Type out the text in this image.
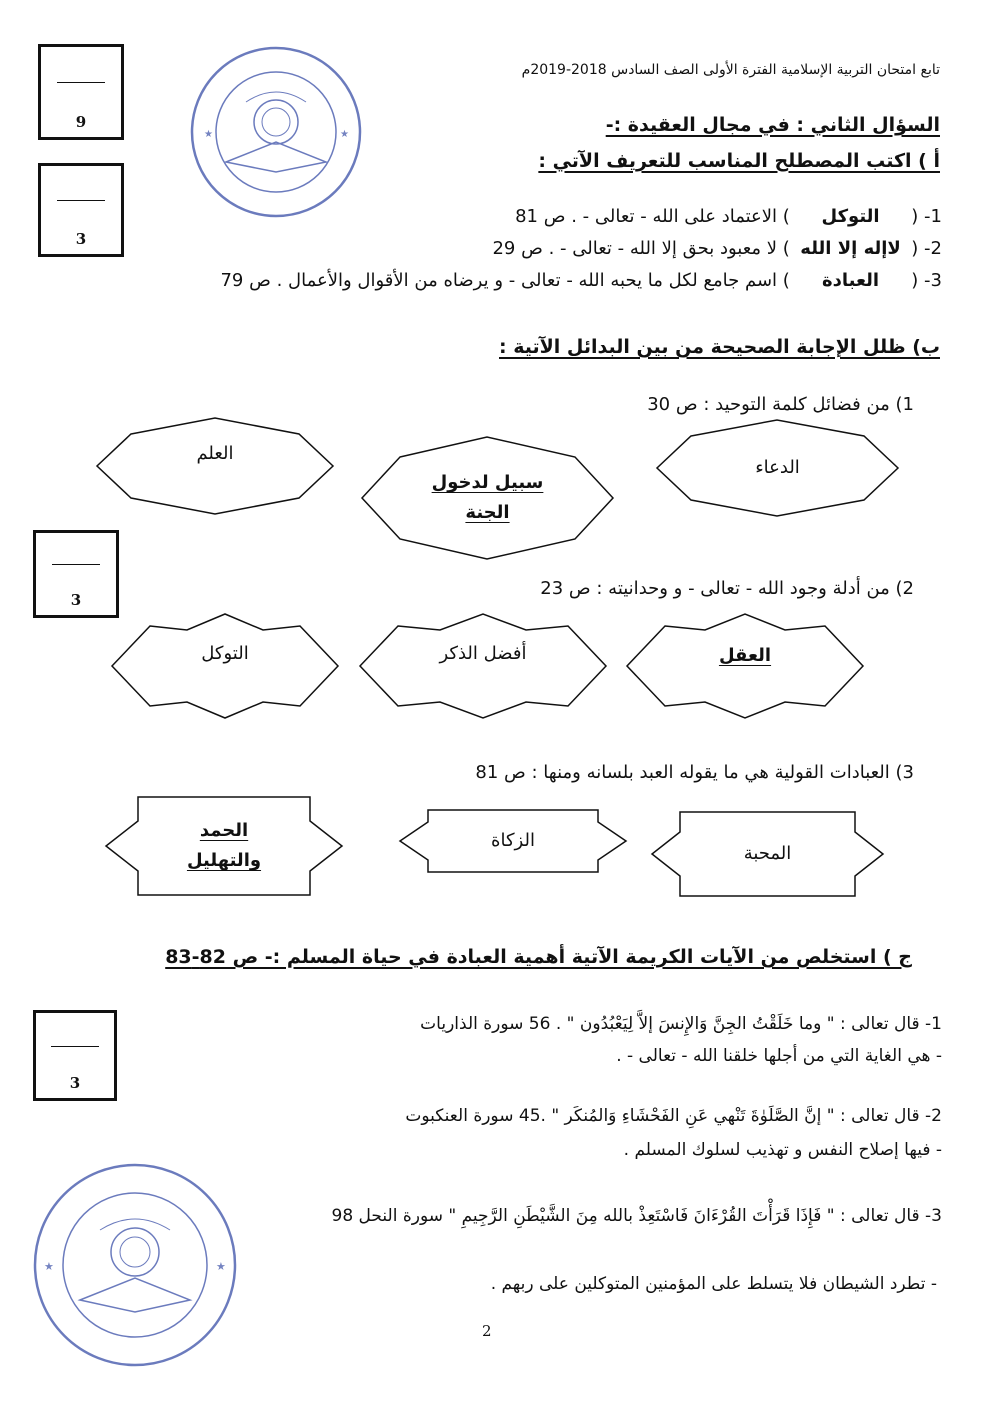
9
3
3
3
★	★
تابع امتحان التربية الإسلامية الفترة الأولى الصف السادس 2018-2019م
السؤال الثاني : في مجال العقيدة :-
أ ) اكتب المصطلح المناسب للتعريف الآتي :
1- ( التوكل ) الاعتماد على الله - تعالى - . ص 81
2- ( لاإله إلا الله ) لا معبود بحق إلا الله - تعالى - . ص 29
3- ( العبادة ) اسم جامع لكل ما يحبه الله - تعالى - و يرضاه من الأقوال والأعمال . ص 79
ب) ظلل الإجابة الصحيحة من بين البدائل الآتية :
1) من فضائل كلمة التوحيد : ص 30
الدعاء
سبيل لدخول الجنة
العلم
2) من أدلة وجود الله - تعالى - و وحدانيته : ص 23
العقل
أفضل الذكر
التوكل
3) العبادات القولية هي ما يقوله العبد بلسانه ومنها : ص 81
المحبة
الزكاة
الحمد والتهليل
ج ) استخلص من الآيات الكريمة الآتية أهمية العبادة في حياة المسلم :- ص 82-83
1- قال تعالى : " وما خَلَقْتُ الجِنَّ وَالإِنسَ إلاَّ لِيَعْبُدُون " . 56 سورة الذاريات
- هي الغاية التي من أجلها خلقنا الله - تعالى - .
2- قال تعالى : " إنَّ الصَّلَوٰةَ تَنْهي عَنِ الفَحْشَاءِ وَالمُنكَر " .45 سورة العنكبوت
- فيها إصلاح النفس و تهذيب لسلوك المسلم .
3- قال تعالى : " فَإِذَا قَرَأْتَ القُرْءَانَ فَاسْتَعِذْ بالله مِنَ الشَّيْطَنِ الرَّجِيمِ " سورة النحل 98
- تطرد الشيطان فلا يتسلط على المؤمنين المتوكلين على ربهم .
★	★
2
